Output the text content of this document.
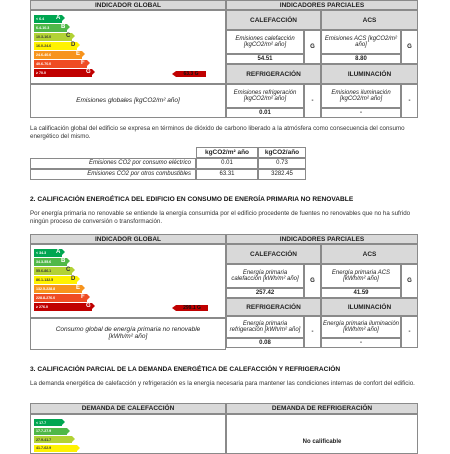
INDICADOR GLOBAL	INDICADORES PARCIALES
< 6.4 A
6.4-10.3 B
10.3-16.0 C
16.0-24.6	D
24.6-40.6	E
40.6-70.0	F
≥ 70.0	G	63.3 G
Emisiones globales [kgCO2/m² año]
CALEFACCIÓN	ACS
Emisiones calefacción [kgCO2/m² año]	G
54.51
Emisiones ACS [kgCO2/m² año]	G
8.80
REFRIGERACIÓN	ILUMINACIÓN
Emisiones refrigeración [kgCO2/m² año]	-
0.01
Emisiones iluminación [kgCO2/m² año]	-
-
La calificación global del edificio se expresa en términos de dióxido de carbono liberado a la atmósfera como consecuencia del consumo energético del mismo.
kgCO2/m² año	kgCO2/año
Emisiones CO2 por consumo eléctrico	0.01	0.73
Emisiones CO2 por otros combustibles	63.31	3282.45
2. CALIFICACIÓN ENERGÉTICA DEL EDIFICIO EN CONSUMO DE ENERGÍA PRIMARIA NO RENOVABLE
Por energía primaria no renovable se entiende la energía consumida por el edificio procedente de fuentes no renovables que no ha sufrido ningún proceso de conversión o transformación.
INDICADOR GLOBAL	INDICADORES PARCIALES
< 34.3 A
34.3-55.6 B
55.6-86.1 C
86.1-132.5	D
132.5-228.8	E
228.8-276.0	F
≥ 276.0	G	299.1 G
Consumo global de energía primaria no renovable [kWh/m² año]
CALEFACCIÓN	ACS
Energía primaria calefacción [kWh/m² año]	G
257.42
Energía primaria ACS [kWh/m² año]	G
41.59
REFRIGERACIÓN	ILUMINACIÓN
Energía primaria refrigeración [kWh/m² año]	-
0.08
Energía primaria iluminación [kWh/m² año]	-
-
3. CALIFICACIÓN PARCIAL DE LA DEMANDA ENERGÉTICA DE CALEFACCIÓN Y REFRIGERACIÓN
La demanda energética de calefacción y refrigeración es la energía necesaria para mantener las condiciones internas de confort del edificio.
DEMANDA DE CALEFACCIÓN	DEMANDA DE REFRIGERACIÓN
< 17.7
17.7-27.9
27.9-41.7
41.7-62.9
No calificable
